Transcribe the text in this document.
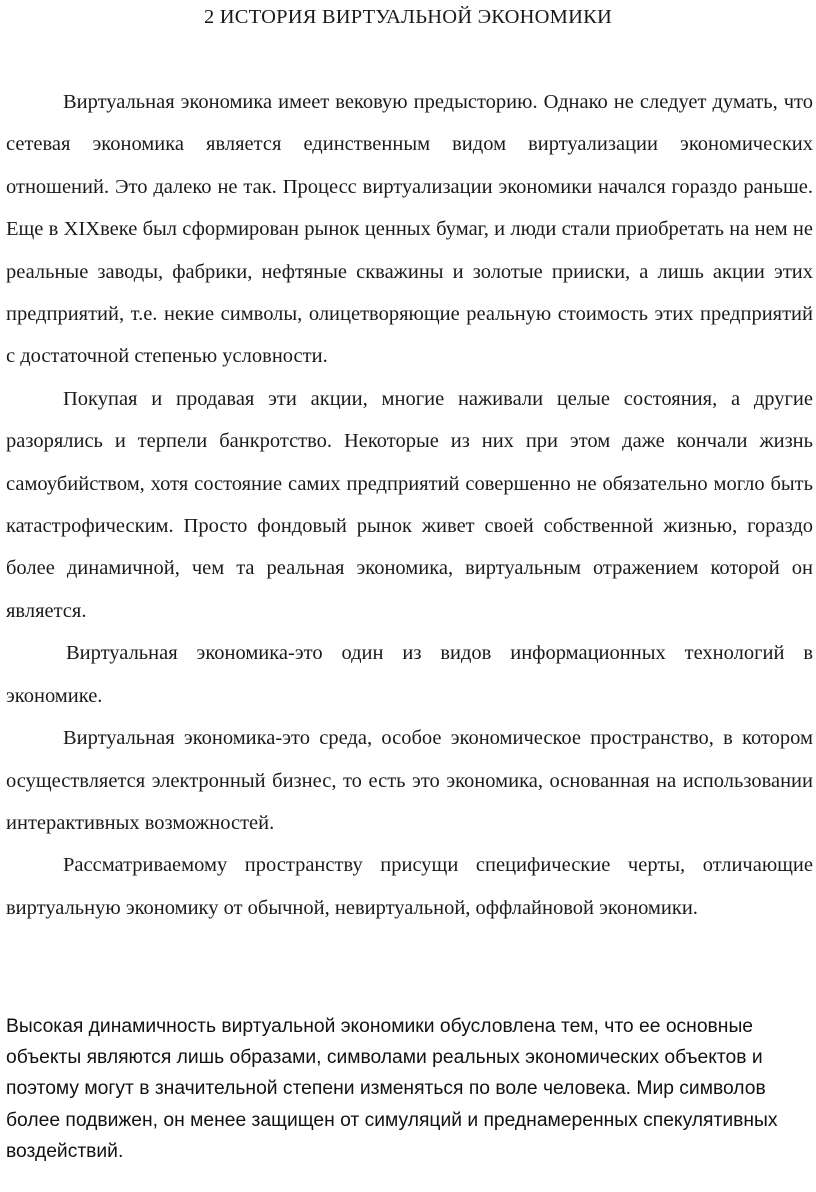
2 ИСТОРИЯ ВИРТУАЛЬНОЙ ЭКОНОМИКИ

Виртуальная экономика имеет вековую предысторию. Однако не следует думать, что сетевая экономика является единственным видом виртуализации экономических отношений. Это далеко не так. Процесс виртуализации экономики начался гораздо раньше. Еще в XIXвеке был сформирован рынок ценных бумаг, и люди стали приобретать на нем не реальные заводы, фабрики, нефтяные скважины и золотые прииски, а лишь акции этих предприятий, т.е. некие символы, олицетворяющие реальную стоимость этих предприятий с достаточной степенью условности.

Покупая и продавая эти акции, многие наживали целые состояния, а другие разорялись и терпели банкротство. Некоторые из них при этом даже кончали жизнь самоубийством, хотя состояние самих предприятий совершенно не обязательно могло быть катастрофическим. Просто фондовый рынок живет своей собственной жизнью, гораздо более динамичной, чем та реальная экономика, виртуальным отражением которой он является.

Виртуальная экономика-это один из видов информационных технологий в экономике.

Виртуальная экономика-это среда, особое экономическое пространство, в котором осуществляется электронный бизнес, то есть это экономика, основанная на использовании интерактивных возможностей.

Рассматриваемому пространству присущи специфические черты, отличающие виртуальную экономику от обычной, невиртуальной, оффлайновой экономики.

Высокая динамичность виртуальной экономики обусловлена тем, что ее основные объекты являются лишь образами, символами реальных экономических объектов и поэтому могут в значительной степени изменяться по воле человека. Мир символов более подвижен, он менее защищен от симуляций и преднамеренных спекулятивных воздействий.
